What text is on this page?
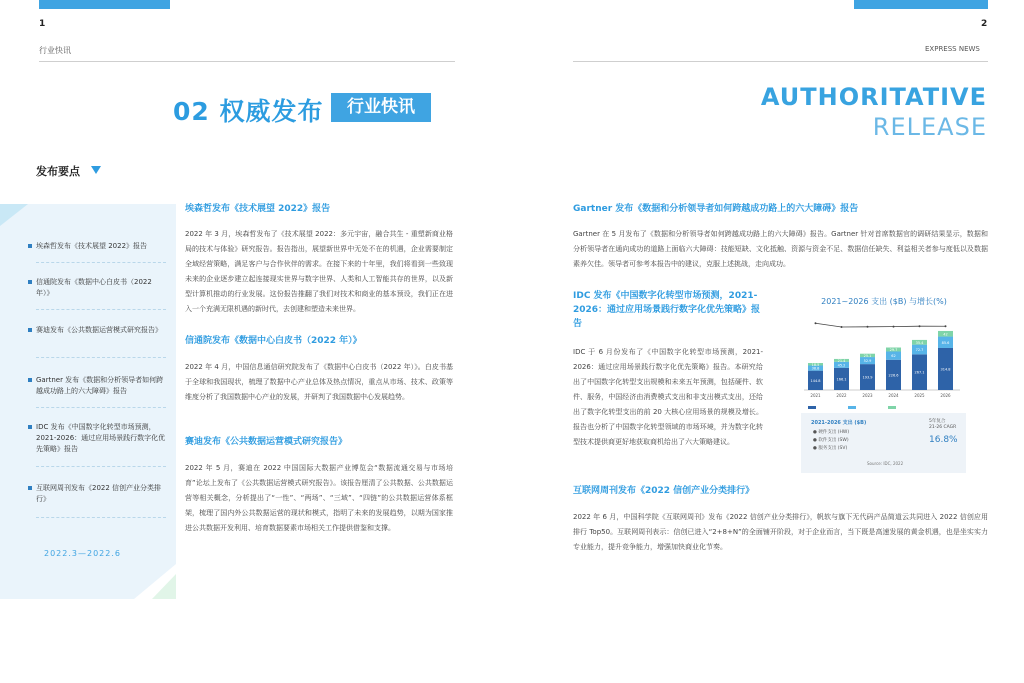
1	2
行业快讯	EXPRESS NEWS
02 权威发布	行业快讯	AUTHORITATIVE
RELEASE
发布要点
埃森哲发布《技术展望 2022》报告
信通院发布《数据中心白皮书（2022 年）》
赛迪发布《公共数据运营模式研究报告》
Gartner 发布《数据和分析领导者如何跨越成功路上的六大障碍》报告
IDC 发布《中国数字化转型市场预测，2021-2026：通过应用场景践行数字化优先策略》报告
互联网周刊发布《2022 信创产业分类排行》
2022.3—2022.6
埃森哲发布《技术展望 2022》报告
2022 年 3 月，埃森哲发布了《技术展望 2022：多元宇宙，融合共生 - 重塑新商业格局的技术与体验》研究报告。报告指出，展望新世界中无处不在的机遇，企业需要制定全域经营策略，满足客户与合作伙伴的需求。在接下来的十年里，我们将看到一些致现未来的企业逐步建立起连接现实世界与数字世界、人类和人工智能共存的世界，以及新型计算机推动的行业发展。这份报告推翻了我们对技术和商业的基本预设，我们正在进入一个充满无限机遇的新时代，去创建和塑造未来世界。
信通院发布《数据中心白皮书（2022 年）》
2022 年 4 月，中国信息通信研究院发布了《数据中心白皮书（2022 年）》。白皮书基于全球和我国现状，梳理了数据中心产业总体及热点情况，重点从市场、技术、政策等维度分析了我国数据中心产业的发展，并研判了我国数据中心发展趋势。
赛迪发布《公共数据运营模式研究报告》
2022 年 5 月，赛迪在 2022 中国国际大数据产业博览会“数据流通交易与市场培育”论坛上发布了《公共数据运营模式研究报告》。该报告厘清了公共数据、公共数据运营等相关概念，分析提出了“一性”、“两场”、“三域”、“四链”的公共数据运营体系框架，梳理了国内外公共数据运营的现状和模式，指明了未来的发展趋势，以期为国家推进公共数据开发利用、培育数据要素市场相关工作提供借鉴和支撑。
Gartner 发布《数据和分析领导者如何跨越成功路上的六大障碍》报告
Gartner 在 5 月发布了《数据和分析领导者如何跨越成功路上的六大障碍》报告。Gartner 针对首席数据官的调研结果显示，数据和分析领导者在通向成功的道路上面临六大障碍：技能短缺、文化抵触、资源与资金不足、数据信任缺失、利益相关者参与度低以及数据素养欠佳。领导者可参考本报告中的建议，克服上述挑战，走向成功。
IDC 发布《中国数字化转型市场预测，2021-2026：通过应用场景践行数字化优先策略》报告
IDC 于 6 月份发布了《中国数字化转型市场预测，2021-2026：通过应用场景践行数字化优先策略》报告。本研究给出了中国数字化转型支出规模和未来五年预测，包括硬件、软件、服务，中国经济由消费模式支出和非支出模式支出，还给出了数字化转型支出的前 20 大核心应用场景的规模及增长。报告也分析了中国数字化转型领域的市场环境，并为数字化转型技术提供商更好地获取商机给出了六大策略建议。
互联网周刊发布《2022 信创产业分类排行》
2022 年 6 月，中国科学院《互联网周刊》发布《2022 信创产业分类排行》，帆软与旗下无代码产品简道云共同进入 2022 信创应用排行 Top50。互联网周刊表示：信创已进入“2+8+N”的全面铺开阶段，对于企业而言，当下既是高速发展的黄金机遇，也是坐实实力专业能力，提升竞争能力，增强加快商业化节奏。
2021~2026 支出 ($B) 与增长(%)
144.8
38.8
18.5
2021
166.1
45.2
21.4
2022
193.9
52.9
25.1
2023
226.6
62
29.7
2024
267.1
72.7
35.4
2025
314.8
85.6
42
2026
2021-2026 支出 ($B)
● 硬件支出 (HW)
● 软件支出 (SW)
● 服务支出 (SV)
5年复合
21-26 CAGR
16.8%
Source: IDC, 2022
